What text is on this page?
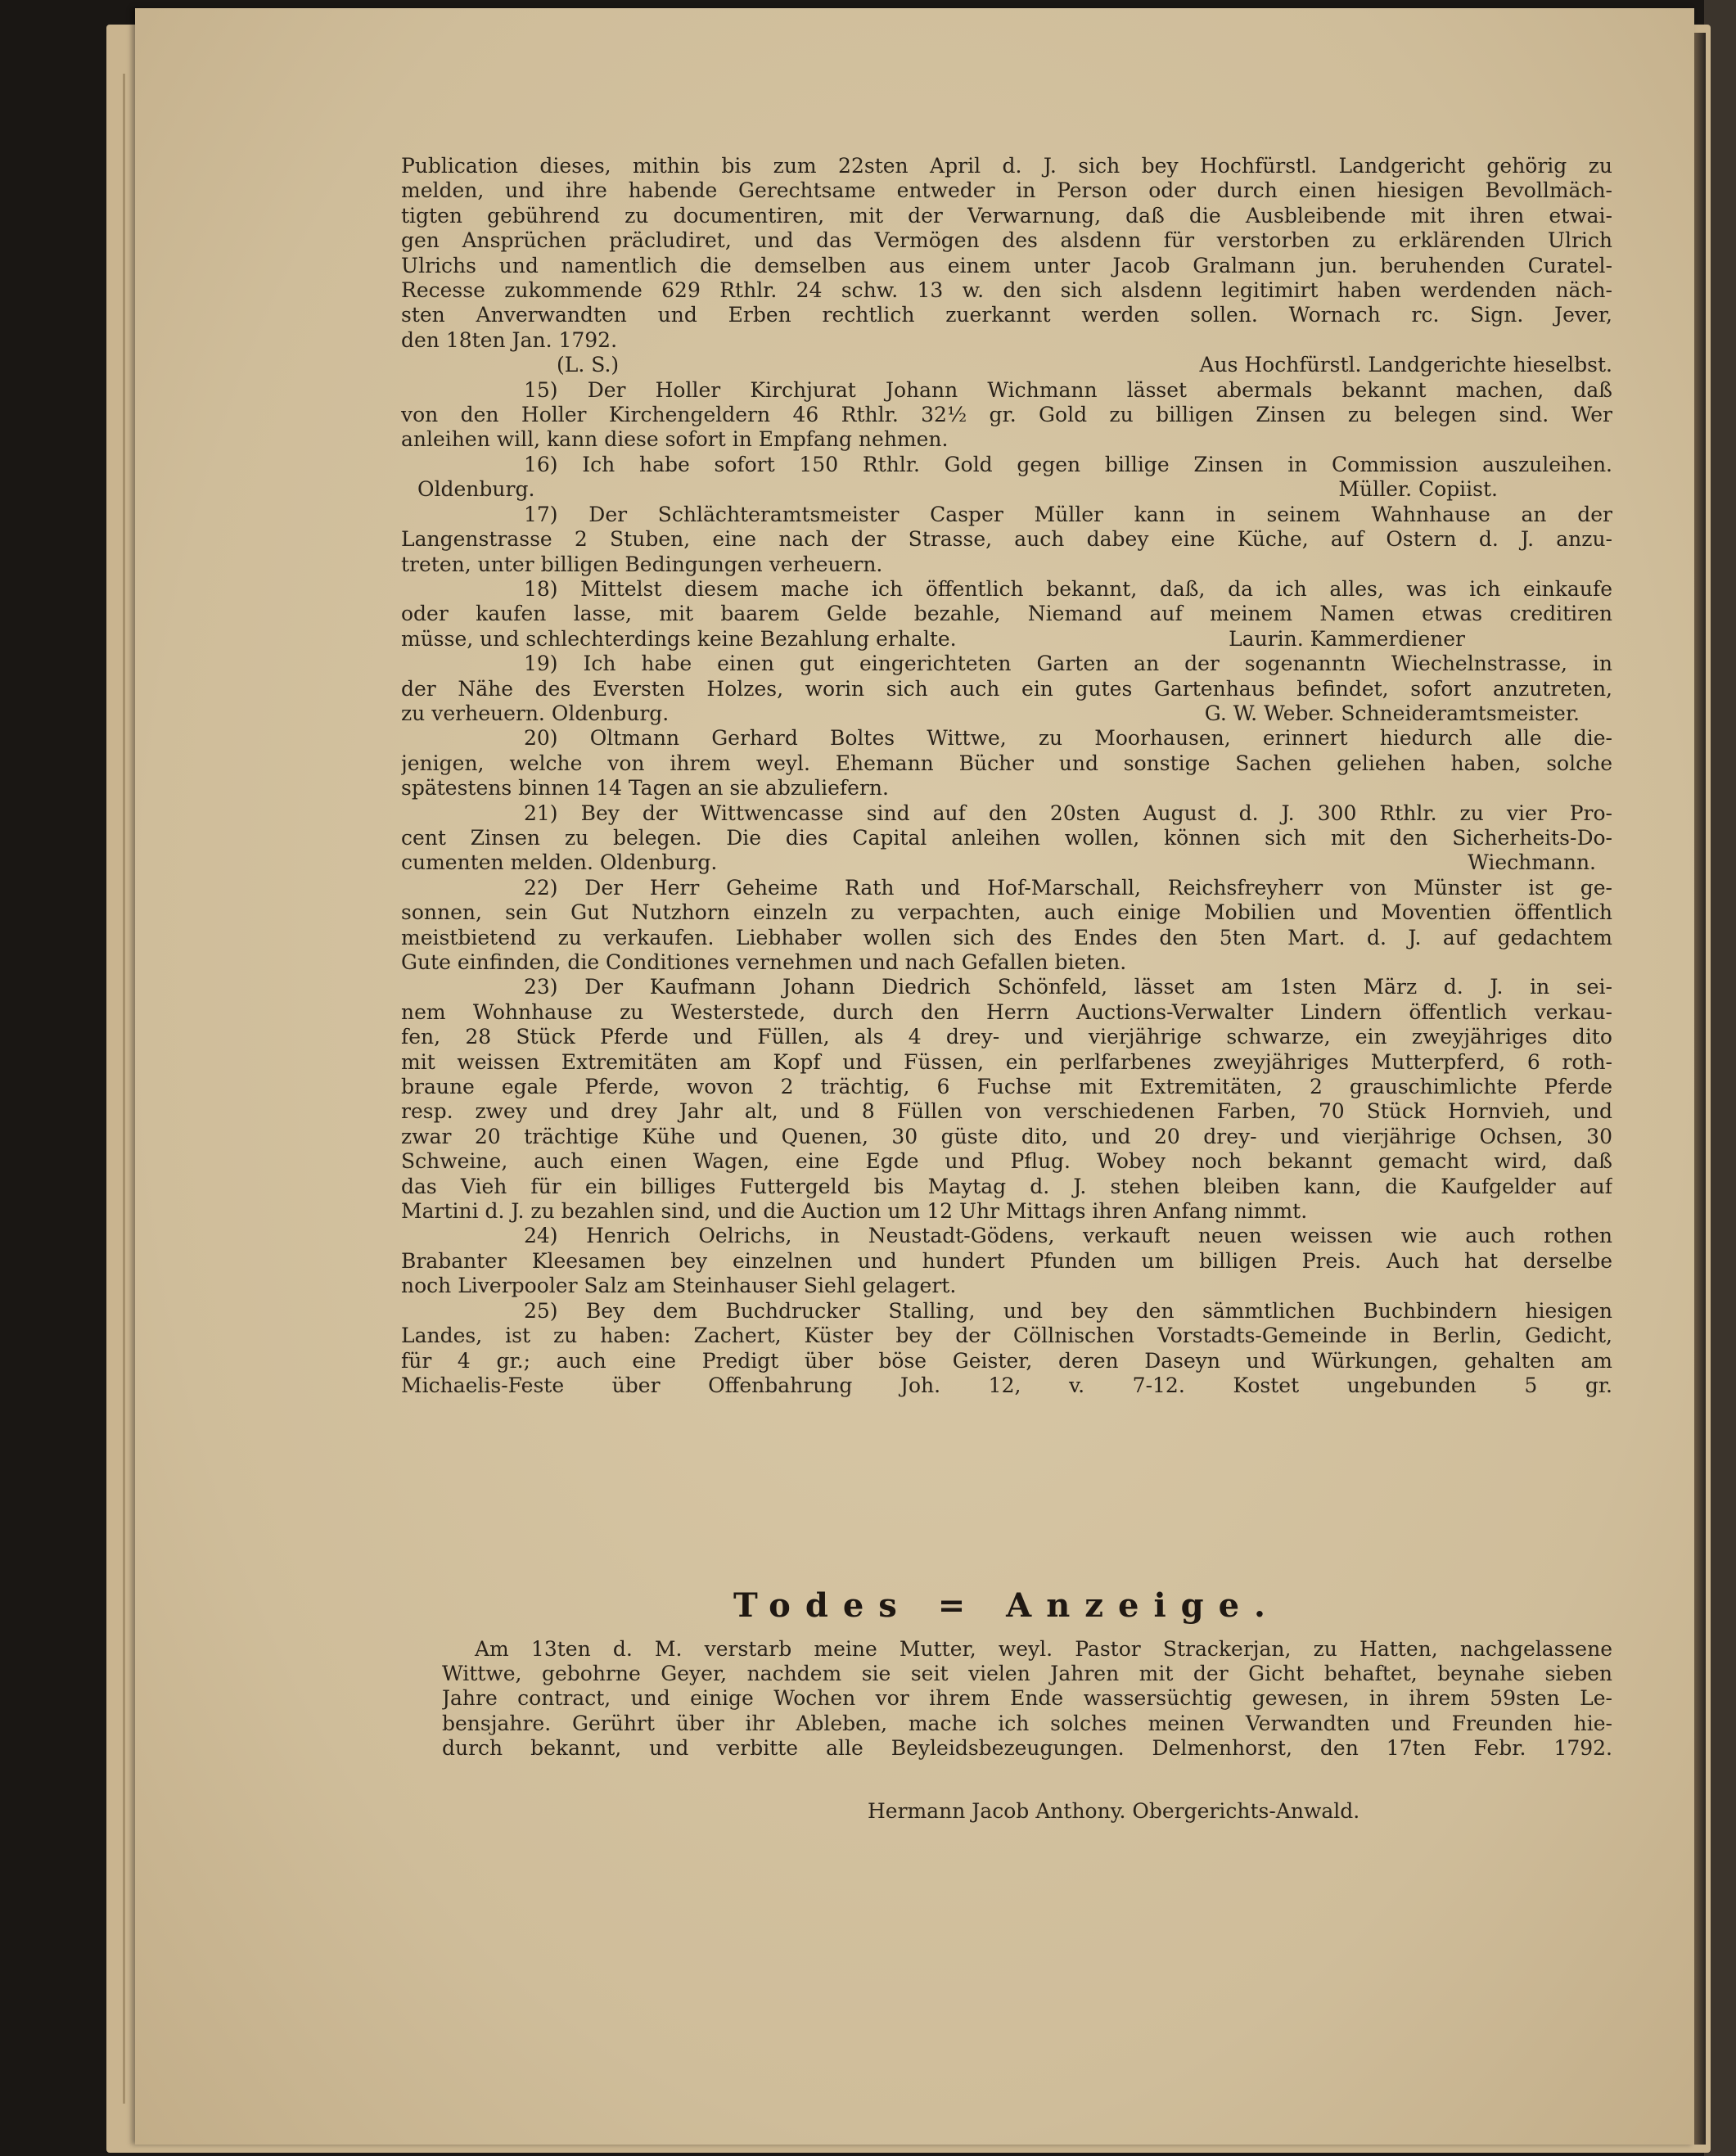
Publication dieses, mithin bis zum 22sten April d. J. sich bey Hochfürstl. Landgericht gehörig zu
melden, und ihre habende Gerechtsame entweder in Person oder durch einen hiesigen Bevollmäch-
tigten gebührend zu documentiren, mit der Verwarnung, daß die Ausbleibende mit ihren etwai-
gen Ansprüchen präcludiret, und das Vermögen des alsdenn für verstorben zu erklärenden Ulrich
Ulrichs und namentlich die demselben aus einem unter Jacob Gralmann jun. beruhenden Curatel-
Recesse zukommende 629 Rthlr. 24 schw. 13 w. den sich alsdenn legitimirt haben werdenden näch-
sten Anverwandten und Erben rechtlich zuerkannt werden sollen. Wornach rc. Sign. Jever,
den 18ten Jan. 1792.
(L. S.)	Aus Hochfürstl. Landgerichte hieselbst.
15) Der Holler Kirchjurat Johann Wichmann lässet abermals bekannt machen, daß
von den Holler Kirchengeldern 46 Rthlr. 32½ gr. Gold zu billigen Zinsen zu belegen sind. Wer
anleihen will, kann diese sofort in Empfang nehmen.
16) Ich habe sofort 150 Rthlr. Gold gegen billige Zinsen in Commission auszuleihen.
Oldenburg.	Müller. Copiist.
17) Der Schlächteramtsmeister Casper Müller kann in seinem Wahnhause an der
Langenstrasse 2 Stuben, eine nach der Strasse, auch dabey eine Küche, auf Ostern d. J. anzu-
treten, unter billigen Bedingungen verheuern.
18) Mittelst diesem mache ich öffentlich bekannt, daß, da ich alles, was ich einkaufe
oder kaufen lasse, mit baarem Gelde bezahle, Niemand auf meinem Namen etwas creditiren
müsse, und schlechterdings keine Bezahlung erhalte.	Laurin. Kammerdiener
19) Ich habe einen gut eingerichteten Garten an der sogenanntn Wiechelnstrasse, in
der Nähe des Eversten Holzes, worin sich auch ein gutes Gartenhaus befindet, sofort anzutreten,
zu verheuern. Oldenburg.	G. W. Weber. Schneideramtsmeister.
20) Oltmann Gerhard Boltes Wittwe, zu Moorhausen, erinnert hiedurch alle die-
jenigen, welche von ihrem weyl. Ehemann Bücher und sonstige Sachen geliehen haben, solche
spätestens binnen 14 Tagen an sie abzuliefern.
21) Bey der Wittwencasse sind auf den 20sten August d. J. 300 Rthlr. zu vier Pro-
cent Zinsen zu belegen. Die dies Capital anleihen wollen, können sich mit den Sicherheits-Do-
cumenten melden. Oldenburg.	Wiechmann.
22) Der Herr Geheime Rath und Hof-Marschall, Reichsfreyherr von Münster ist ge-
sonnen, sein Gut Nutzhorn einzeln zu verpachten, auch einige Mobilien und Moventien öffentlich
meistbietend zu verkaufen. Liebhaber wollen sich des Endes den 5ten Mart. d. J. auf gedachtem
Gute einfinden, die Conditiones vernehmen und nach Gefallen bieten.
23) Der Kaufmann Johann Diedrich Schönfeld, lässet am 1sten März d. J. in sei-
nem Wohnhause zu Westerstede, durch den Herrn Auctions-Verwalter Lindern öffentlich verkau-
fen, 28 Stück Pferde und Füllen, als 4 drey- und vierjährige schwarze, ein zweyjähriges dito
mit weissen Extremitäten am Kopf und Füssen, ein perlfarbenes zweyjähriges Mutterpferd, 6 roth-
braune egale Pferde, wovon 2 trächtig, 6 Fuchse mit Extremitäten, 2 grauschimlichte Pferde
resp. zwey und drey Jahr alt, und 8 Füllen von verschiedenen Farben, 70 Stück Hornvieh, und
zwar 20 trächtige Kühe und Quenen, 30 güste dito, und 20 drey- und vierjährige Ochsen, 30
Schweine, auch einen Wagen, eine Egde und Pflug. Wobey noch bekannt gemacht wird, daß
das Vieh für ein billiges Futtergeld bis Maytag d. J. stehen bleiben kann, die Kaufgelder auf
Martini d. J. zu bezahlen sind, und die Auction um 12 Uhr Mittags ihren Anfang nimmt.
24) Henrich Oelrichs, in Neustadt-Gödens, verkauft neuen weissen wie auch rothen
Brabanter Kleesamen bey einzelnen und hundert Pfunden um billigen Preis. Auch hat derselbe
noch Liverpooler Salz am Steinhauser Siehl gelagert.
25) Bey dem Buchdrucker Stalling, und bey den sämmtlichen Buchbindern hiesigen
Landes, ist zu haben: Zachert, Küster bey der Cöllnischen Vorstadts-Gemeinde in Berlin, Gedicht,
für 4 gr.; auch eine Predigt über böse Geister, deren Daseyn und Würkungen, gehalten am
Michaelis-Feste über Offenbahrung Joh. 12, v. 7-12. Kostet ungebunden 5 gr.
Todes = Anzeige.
Am 13ten d. M. verstarb meine Mutter, weyl. Pastor Strackerjan, zu Hatten, nachgelassene
Wittwe, gebohrne Geyer, nachdem sie seit vielen Jahren mit der Gicht behaftet, beynahe sieben
Jahre contract, und einige Wochen vor ihrem Ende wassersüchtig gewesen, in ihrem 59sten Le-
bensjahre. Gerührt über ihr Ableben, mache ich solches meinen Verwandten und Freunden hie-
durch bekannt, und verbitte alle Beyleidsbezeugungen. Delmenhorst, den 17ten Febr. 1792.
Hermann Jacob Anthony. Obergerichts-Anwald.
